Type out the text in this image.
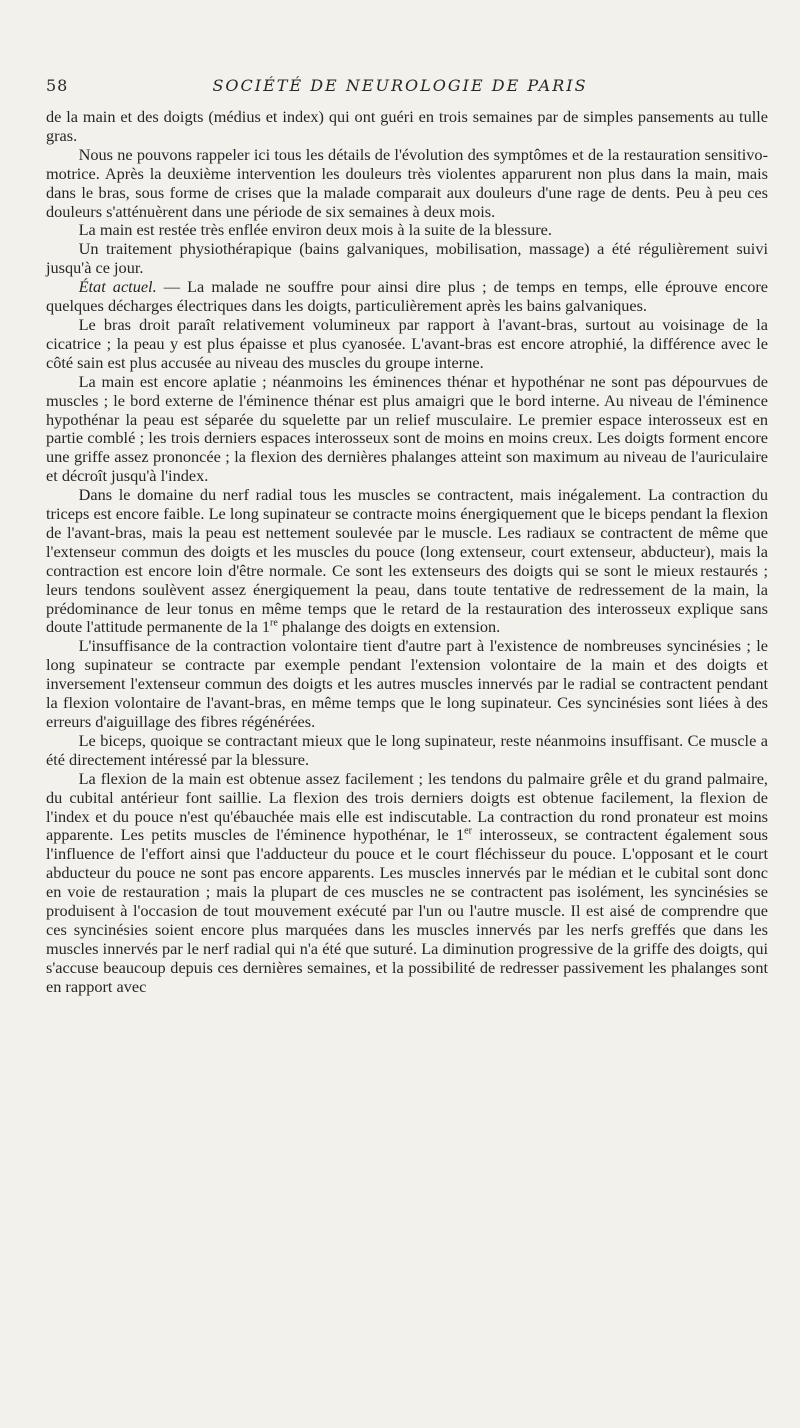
58	SOCIÉTÉ DE NEUROLOGIE DE PARIS

de la main et des doigts (médius et index) qui ont guéri en trois semaines par de simples pansements au tulle gras.

Nous ne pouvons rappeler ici tous les détails de l'évolution des symptômes et de la restauration sensitivo-motrice. Après la deuxième intervention les douleurs très violentes apparurent non plus dans la main, mais dans le bras, sous forme de crises que la malade comparait aux douleurs d'une rage de dents. Peu à peu ces douleurs s'atténuèrent dans une période de six semaines à deux mois.

La main est restée très enflée environ deux mois à la suite de la blessure.

Un traitement physiothérapique (bains galvaniques, mobilisation, massage) a été régulièrement suivi jusqu'à ce jour.

État actuel. — La malade ne souffre pour ainsi dire plus ; de temps en temps, elle éprouve encore quelques décharges électriques dans les doigts, particulièrement après les bains galvaniques.

Le bras droit paraît relativement volumineux par rapport à l'avant-bras, surtout au voisinage de la cicatrice ; la peau y est plus épaisse et plus cyanosée. L'avant-bras est encore atrophié, la différence avec le côté sain est plus accusée au niveau des muscles du groupe interne.

La main est encore aplatie ; néanmoins les éminences thénar et hypothénar ne sont pas dépourvues de muscles ; le bord externe de l'éminence thénar est plus amaigri que le bord interne. Au niveau de l'éminence hypothénar la peau est séparée du squelette par un relief musculaire. Le premier espace interosseux est en partie comblé ; les trois derniers espaces interosseux sont de moins en moins creux. Les doigts forment encore une griffe assez prononcée ; la flexion des dernières phalanges atteint son maximum au niveau de l'auriculaire et décroît jusqu'à l'index.

Dans le domaine du nerf radial tous les muscles se contractent, mais inégalement. La contraction du triceps est encore faible. Le long supinateur se contracte moins énergiquement que le biceps pendant la flexion de l'avant-bras, mais la peau est nettement soulevée par le muscle. Les radiaux se contractent de même que l'extenseur commun des doigts et les muscles du pouce (long extenseur, court extenseur, abducteur), mais la contraction est encore loin d'être normale. Ce sont les extenseurs des doigts qui se sont le mieux restaurés ; leurs tendons soulèvent assez énergiquement la peau, dans toute tentative de redressement de la main, la prédominance de leur tonus en même temps que le retard de la restauration des interosseux explique sans doute l'attitude permanente de la 1re phalange des doigts en extension.

L'insuffisance de la contraction volontaire tient d'autre part à l'existence de nombreuses syncinésies ; le long supinateur se contracte par exemple pendant l'extension volontaire de la main et des doigts et inversement l'extenseur commun des doigts et les autres muscles innervés par le radial se contractent pendant la flexion volontaire de l'avant-bras, en même temps que le long supinateur. Ces syncinésies sont liées à des erreurs d'aiguillage des fibres régénérées.

Le biceps, quoique se contractant mieux que le long supinateur, reste néanmoins insuffisant. Ce muscle a été directement intéressé par la blessure.

La flexion de la main est obtenue assez facilement ; les tendons du palmaire grêle et du grand palmaire, du cubital antérieur font saillie. La flexion des trois derniers doigts est obtenue facilement, la flexion de l'index et du pouce n'est qu'ébauchée mais elle est indiscutable. La contraction du rond pronateur est moins apparente. Les petits muscles de l'éminence hypothénar, le 1er interosseux, se contractent également sous l'influence de l'effort ainsi que l'adducteur du pouce et le court fléchisseur du pouce. L'opposant et le court abducteur du pouce ne sont pas encore apparents. Les muscles innervés par le médian et le cubital sont donc en voie de restauration ; mais la plupart de ces muscles ne se contractent pas isolément, les syncinésies se produisent à l'occasion de tout mouvement exécuté par l'un ou l'autre muscle. Il est aisé de comprendre que ces syncinésies soient encore plus marquées dans les muscles innervés par les nerfs greffés que dans les muscles innervés par le nerf radial qui n'a été que suturé. La diminution progressive de la griffe des doigts, qui s'accuse beaucoup depuis ces dernières semaines, et la possibilité de redresser passivement les phalanges sont en rapport avec
